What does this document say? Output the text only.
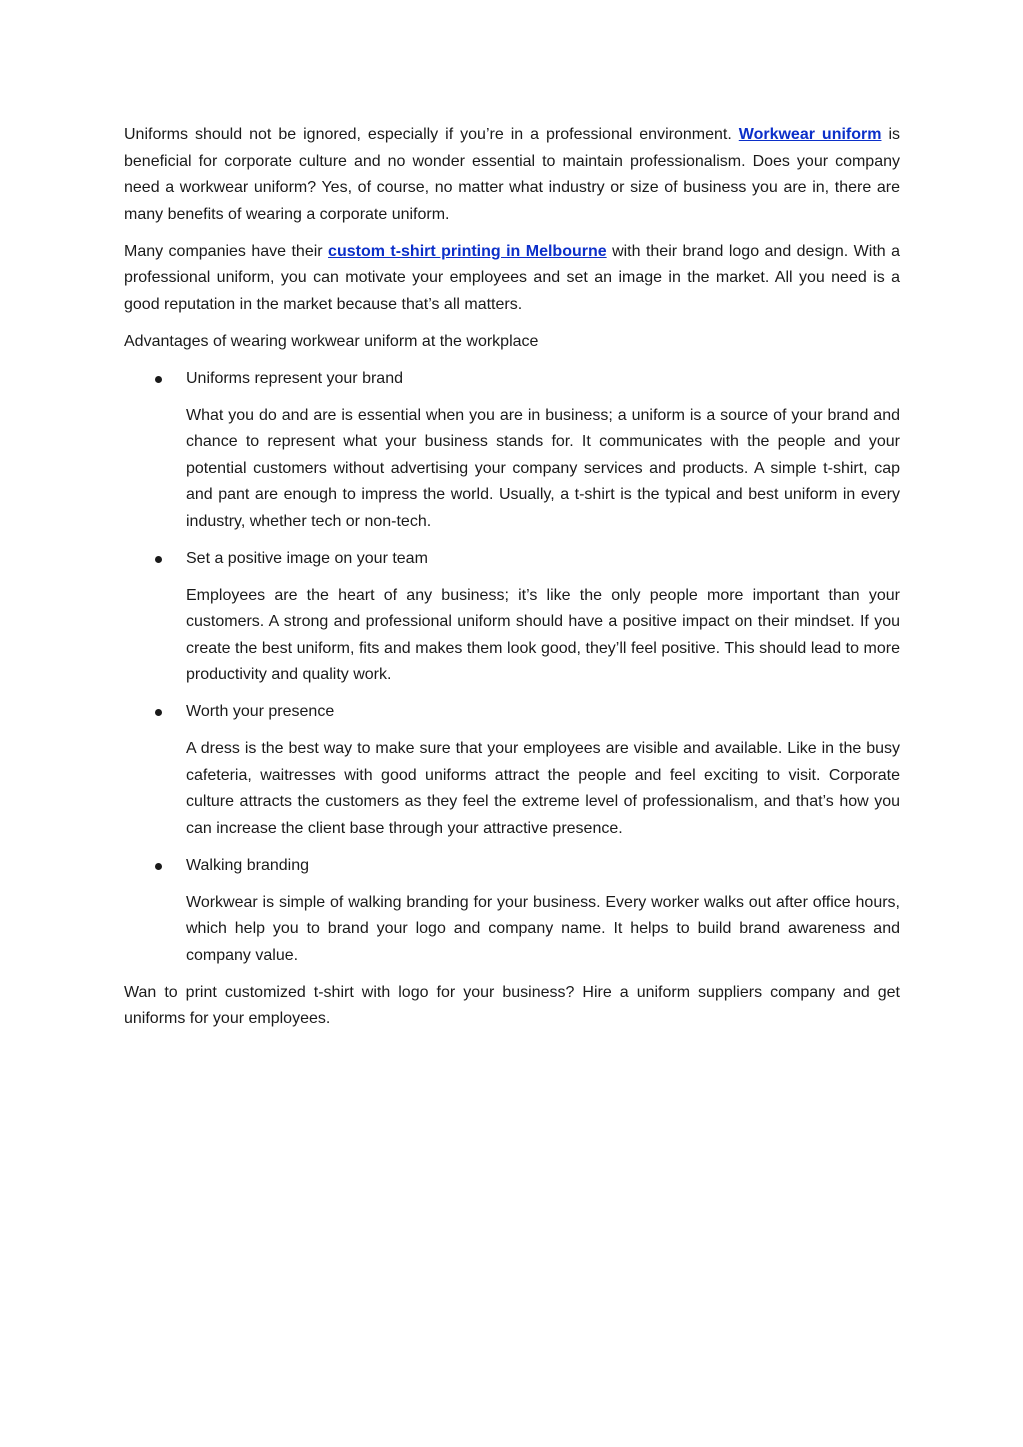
Uniforms should not be ignored, especially if you’re in a professional environment. Workwear uniform is beneficial for corporate culture and no wonder essential to maintain professionalism. Does your company need a workwear uniform? Yes, of course, no matter what industry or size of business you are in, there are many benefits of wearing a corporate uniform.

Many companies have their custom t-shirt printing in Melbourne with their brand logo and design. With a professional uniform, you can motivate your employees and set an image in the market. All you need is a good reputation in the market because that’s all matters.

Advantages of wearing workwear uniform at the workplace

Uniforms represent your brand

What you do and are is essential when you are in business; a uniform is a source of your brand and chance to represent what your business stands for. It communicates with the people and your potential customers without advertising your company services and products. A simple t-shirt, cap and pant are enough to impress the world. Usually, a t-shirt is the typical and best uniform in every industry, whether tech or non-tech.

Set a positive image on your team

Employees are the heart of any business; it’s like the only people more important than your customers. A strong and professional uniform should have a positive impact on their mindset. If you create the best uniform, fits and makes them look good, they’ll feel positive. This should lead to more productivity and quality work.

Worth your presence

A dress is the best way to make sure that your employees are visible and available. Like in the busy cafeteria, waitresses with good uniforms attract the people and feel exciting to visit. Corporate culture attracts the customers as they feel the extreme level of professionalism, and that’s how you can increase the client base through your attractive presence.

Walking branding

Workwear is simple of walking branding for your business. Every worker walks out after office hours, which help you to brand your logo and company name. It helps to build brand awareness and company value.

Wan to print customized t-shirt with logo for your business? Hire a uniform suppliers company and get uniforms for your employees.
